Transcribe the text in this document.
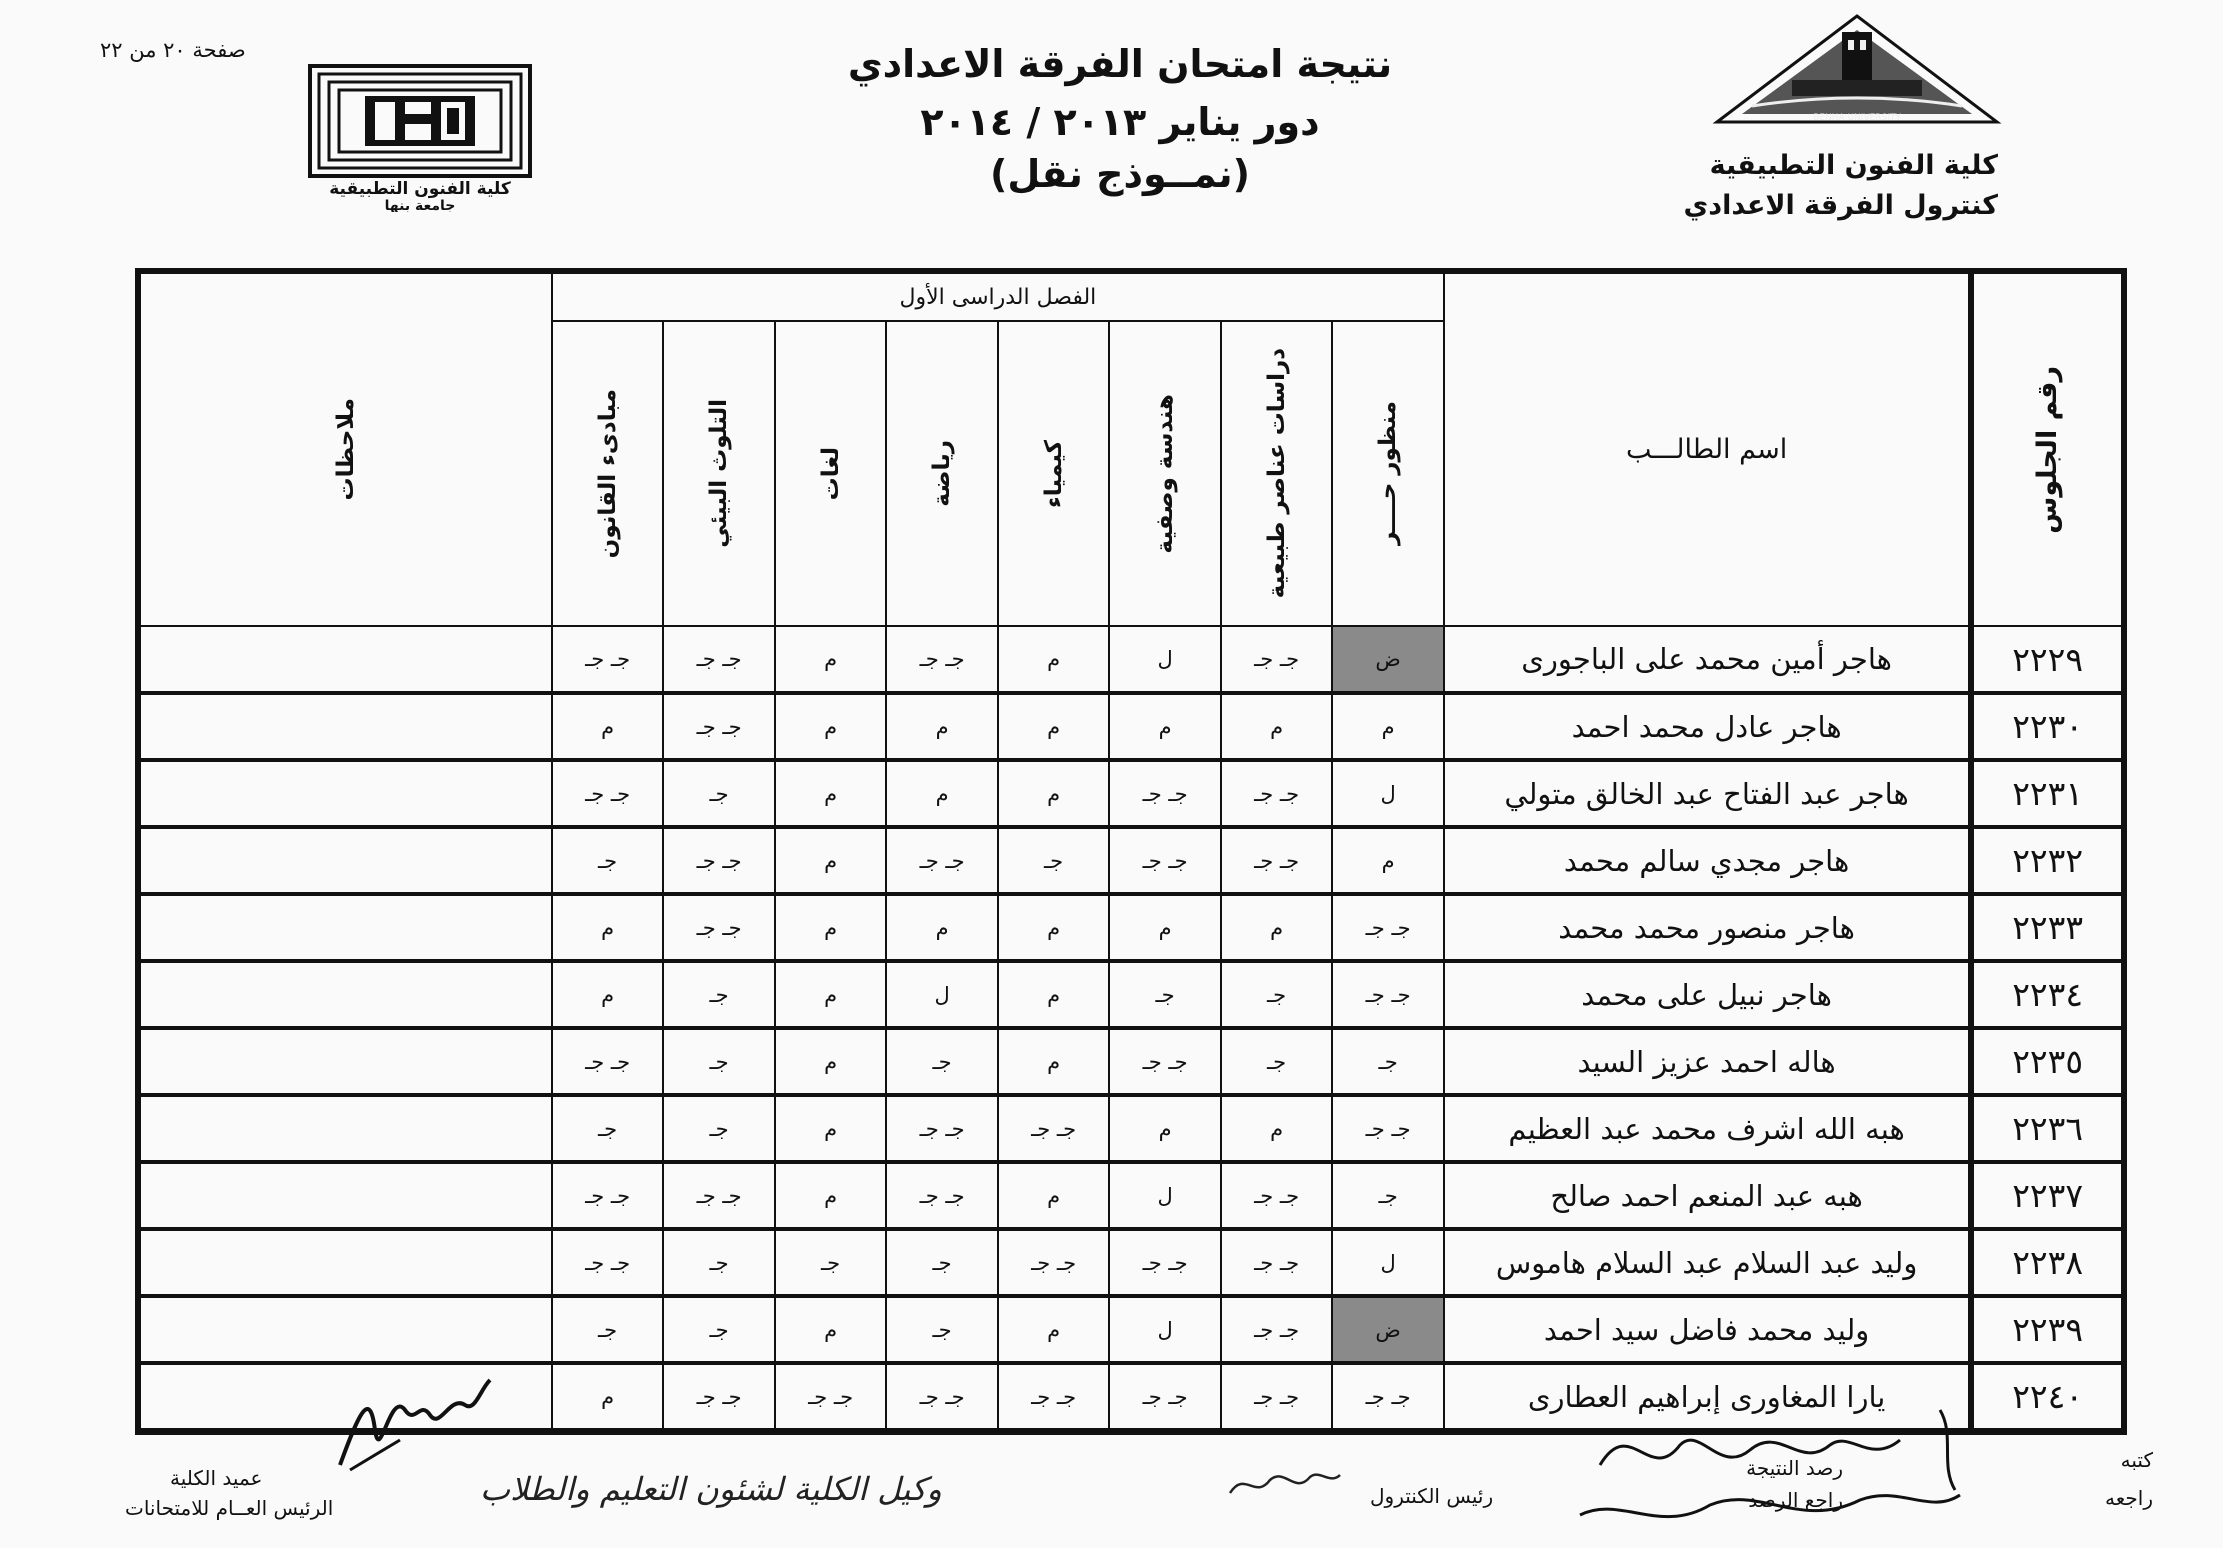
صفحة ٢٠ من ٢٢
كلية الفنون التطبيقية
جامعة بنها
نتيجة امتحان الفرقة الاعدادي
دور يناير ٢٠١٣ / ٢٠١٤
(نمــوذج نقل)
BENHA UNIVERSITY
كلية الفنون التطبيقية
كنترول الفرقة الاعدادي
ملاحظات	الفصل الدراسى الأول								اسم الطالـــب	رقم الجلوس

	مبادىء القانون	التلوث البيئي	لغات	رياضة	كيمياء	هندسة وصفية	دراسات عناصر طبيعية	منظور حــــر		

	جـ جـ	جـ جـ	م	جـ جـ	م	ل	جـ جـ	ض	هاجر أمين محمد على الباجورى	٢٢٢٩
	م	جـ جـ	م	م	م	م	م	م	هاجر عادل محمد احمد	٢٢٣٠
	جـ جـ	جـ	م	م	م	جـ جـ	جـ جـ	ل	هاجر عبد الفتاح عبد الخالق متولي	٢٢٣١
	جـ	جـ جـ	م	جـ جـ	جـ	جـ جـ	جـ جـ	م	هاجر مجدي سالم محمد	٢٢٣٢
	م	جـ جـ	م	م	م	م	م	جـ جـ	هاجر منصور محمد محمد	٢٢٣٣
	م	جـ	م	ل	م	جـ	جـ	جـ جـ	هاجر نبيل على محمد	٢٢٣٤
	جـ جـ	جـ	م	جـ	م	جـ جـ	جـ	جـ	هاله احمد عزيز السيد	٢٢٣٥
	جـ	جـ	م	جـ جـ	جـ جـ	م	م	جـ جـ	هبه الله اشرف محمد عبد العظيم	٢٢٣٦
	جـ جـ	جـ جـ	م	جـ جـ	م	ل	جـ جـ	جـ	هبه عبد المنعم احمد صالح	٢٢٣٧
	جـ جـ	جـ	جـ	جـ	جـ جـ	جـ جـ	جـ جـ	ل	وليد عبد السلام عبد السلام هاموس	٢٢٣٨
	جـ	جـ	م	جـ	م	ل	جـ جـ	ض	وليد محمد فاضل سيد احمد	٢٢٣٩
	م	جـ جـ	جـ جـ	جـ جـ	جـ جـ	جـ جـ	جـ جـ	جـ جـ	يارا المغاورى إبراهيم العطارى	٢٢٤٠
كتبه
رصد النتيجة
راجعه
راجع الرصد
رئيس الكنترول
وكيل الكلية لشئون التعليم والطلاب
عميد الكلية
الرئيس العــام للامتحانات
